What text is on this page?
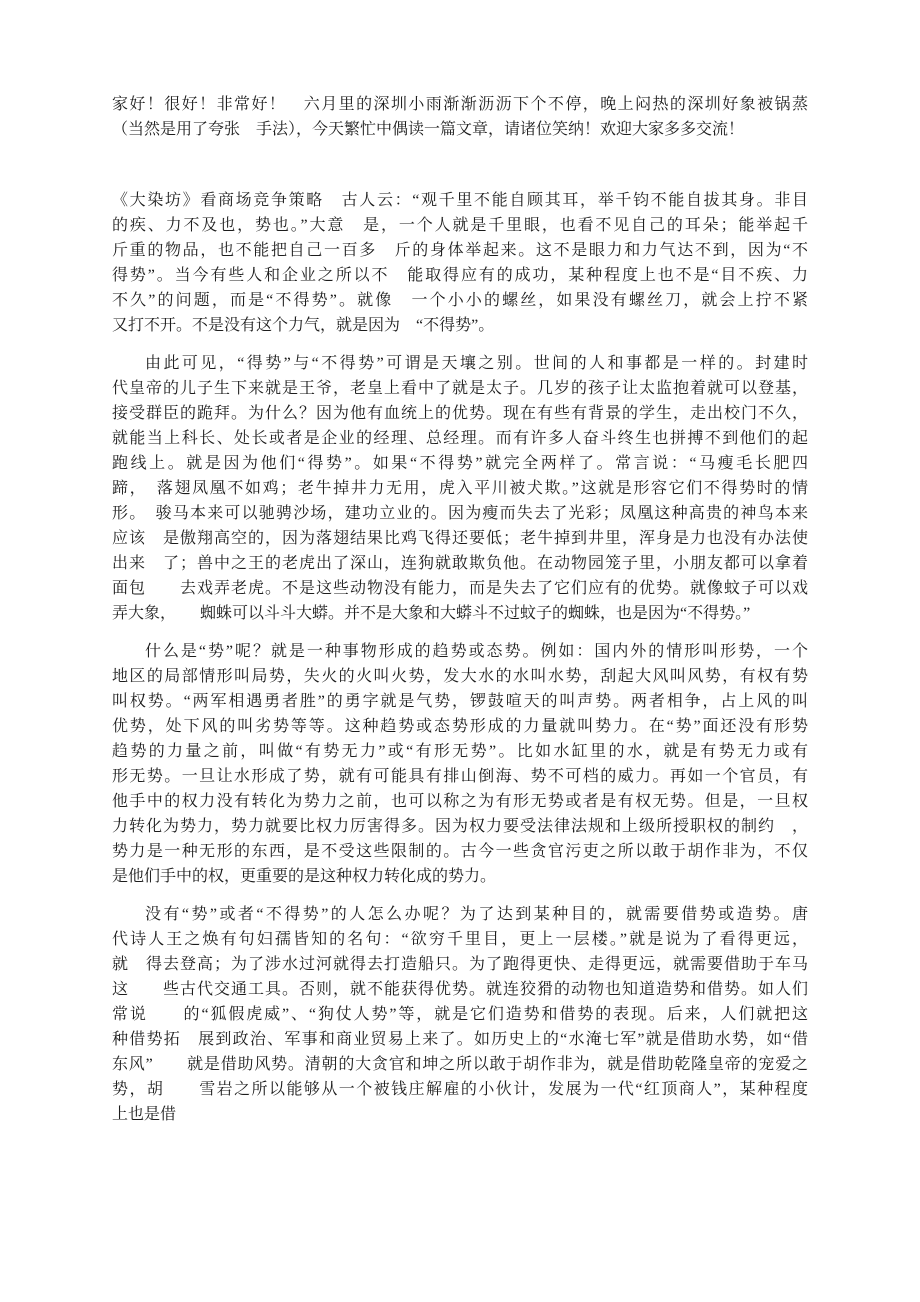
家好！很好！非常好！　六月里的深圳小雨渐渐沥沥下个不停，晚上闷热的深圳好象被锅蒸
（当然是用了夸张　手法），今天繁忙中偶读一篇文章，请诸位笑纳！欢迎大家多多交流！
《大染坊》看商场竞争策略　古人云：“观千里不能自顾其耳，举千钧不能自拔其身。非目
的疾、力不及也，势也。”大意　是，一个人就是千里眼，也看不见自己的耳朵；能举起千
斤重的物品，也不能把自己一百多　斤的身体举起来。这不是眼力和力气达不到，因为“不
得势”。当今有些人和企业之所以不　能取得应有的成功，某种程度上也不是“目不疾、力
不久”的问题，而是“不得势”。就像　一个小小的螺丝，如果没有螺丝刀，就会上拧不紧
又打不开。不是没有这个力气，就是因为　“不得势”。
由此可见，“得势”与“不得势”可谓是天壤之别。世间的人和事都是一样的。封建时
代皇帝的儿子生下来就是王爷，老皇上看中了就是太子。几岁的孩子让太监抱着就可以登基，
接受群臣的跪拜。为什么？因为他有血统上的优势。现在有些有背景的学生，走出校门不久，
就能当上科长、处长或者是企业的经理、总经理。而有许多人奋斗终生也拼搏不到他们的起
跑线上。就是因为他们“得势”。如果“不得势”就完全两样了。常言说：“马瘦毛长肥四
蹄，　落翅凤凰不如鸡；老牛掉井力无用，虎入平川被犬欺。”这就是形容它们不得势时的情
形。　骏马本来可以驰骋沙场，建功立业的。因为瘦而失去了光彩；凤凰这种高贵的神鸟本来
应该　是傲翔高空的，因为落翅结果比鸡飞得还要低；老牛掉到井里，浑身是力也没有办法使
出来　了；兽中之王的老虎出了深山，连狗就敢欺负他。在动物园笼子里，小朋友都可以拿着
面包　　去戏弄老虎。不是这些动物没有能力，而是失去了它们应有的优势。就像蚊子可以戏
弄大象，　　蜘蛛可以斗斗大蟒。并不是大象和大蟒斗不过蚊子的蜘蛛，也是因为“不得势。”
什么是“势”呢？就是一种事物形成的趋势或态势。例如：国内外的情形叫形势，一个
地区的局部情形叫局势，失火的火叫火势，发大水的水叫水势，刮起大风叫风势，有权有势
叫权势。“两军相遇勇者胜”的勇字就是气势，锣鼓喧天的叫声势。两者相争，占上风的叫
优势，处下风的叫劣势等等。这种趋势或态势形成的力量就叫势力。在“势”面还没有形势
趋势的力量之前，叫做“有势无力”或“有形无势”。比如水缸里的水，就是有势无力或有
形无势。一旦让水形成了势，就有可能具有排山倒海、势不可档的威力。再如一个官员，有
他手中的权力没有转化为势力之前，也可以称之为有形无势或者是有权无势。但是，一旦权
力转化为势力，势力就要比权力厉害得多。因为权力要受法律法规和上级所授职权的制约　，
势力是一种无形的东西，是不受这些限制的。古今一些贪官污吏之所以敢于胡作非为，不仅
是他们手中的权，更重要的是这种权力转化成的势力。
没有“势”或者“不得势”的人怎么办呢？为了达到某种目的，就需要借势或造势。唐
代诗人王之焕有句妇孺皆知的名句：“欲穷千里目，更上一层楼。”就是说为了看得更远，
就　得去登高；为了涉水过河就得去打造船只。为了跑得更快、走得更远，就需要借助于车马
这　　些古代交通工具。否则，就不能获得优势。就连狡猾的动物也知道造势和借势。如人们
常说　　的“狐假虎威”、“狗仗人势”等，就是它们造势和借势的表现。后来，人们就把这
种借势拓　展到政治、军事和商业贸易上来了。如历史上的“水淹七军”就是借助水势，如“借
东风”　　就是借助风势。清朝的大贪官和坤之所以敢于胡作非为，就是借助乾隆皇帝的宠爱之
势，胡　　雪岩之所以能够从一个被钱庄解雇的小伙计，发展为一代“红顶商人”，某种程度
上也是借
